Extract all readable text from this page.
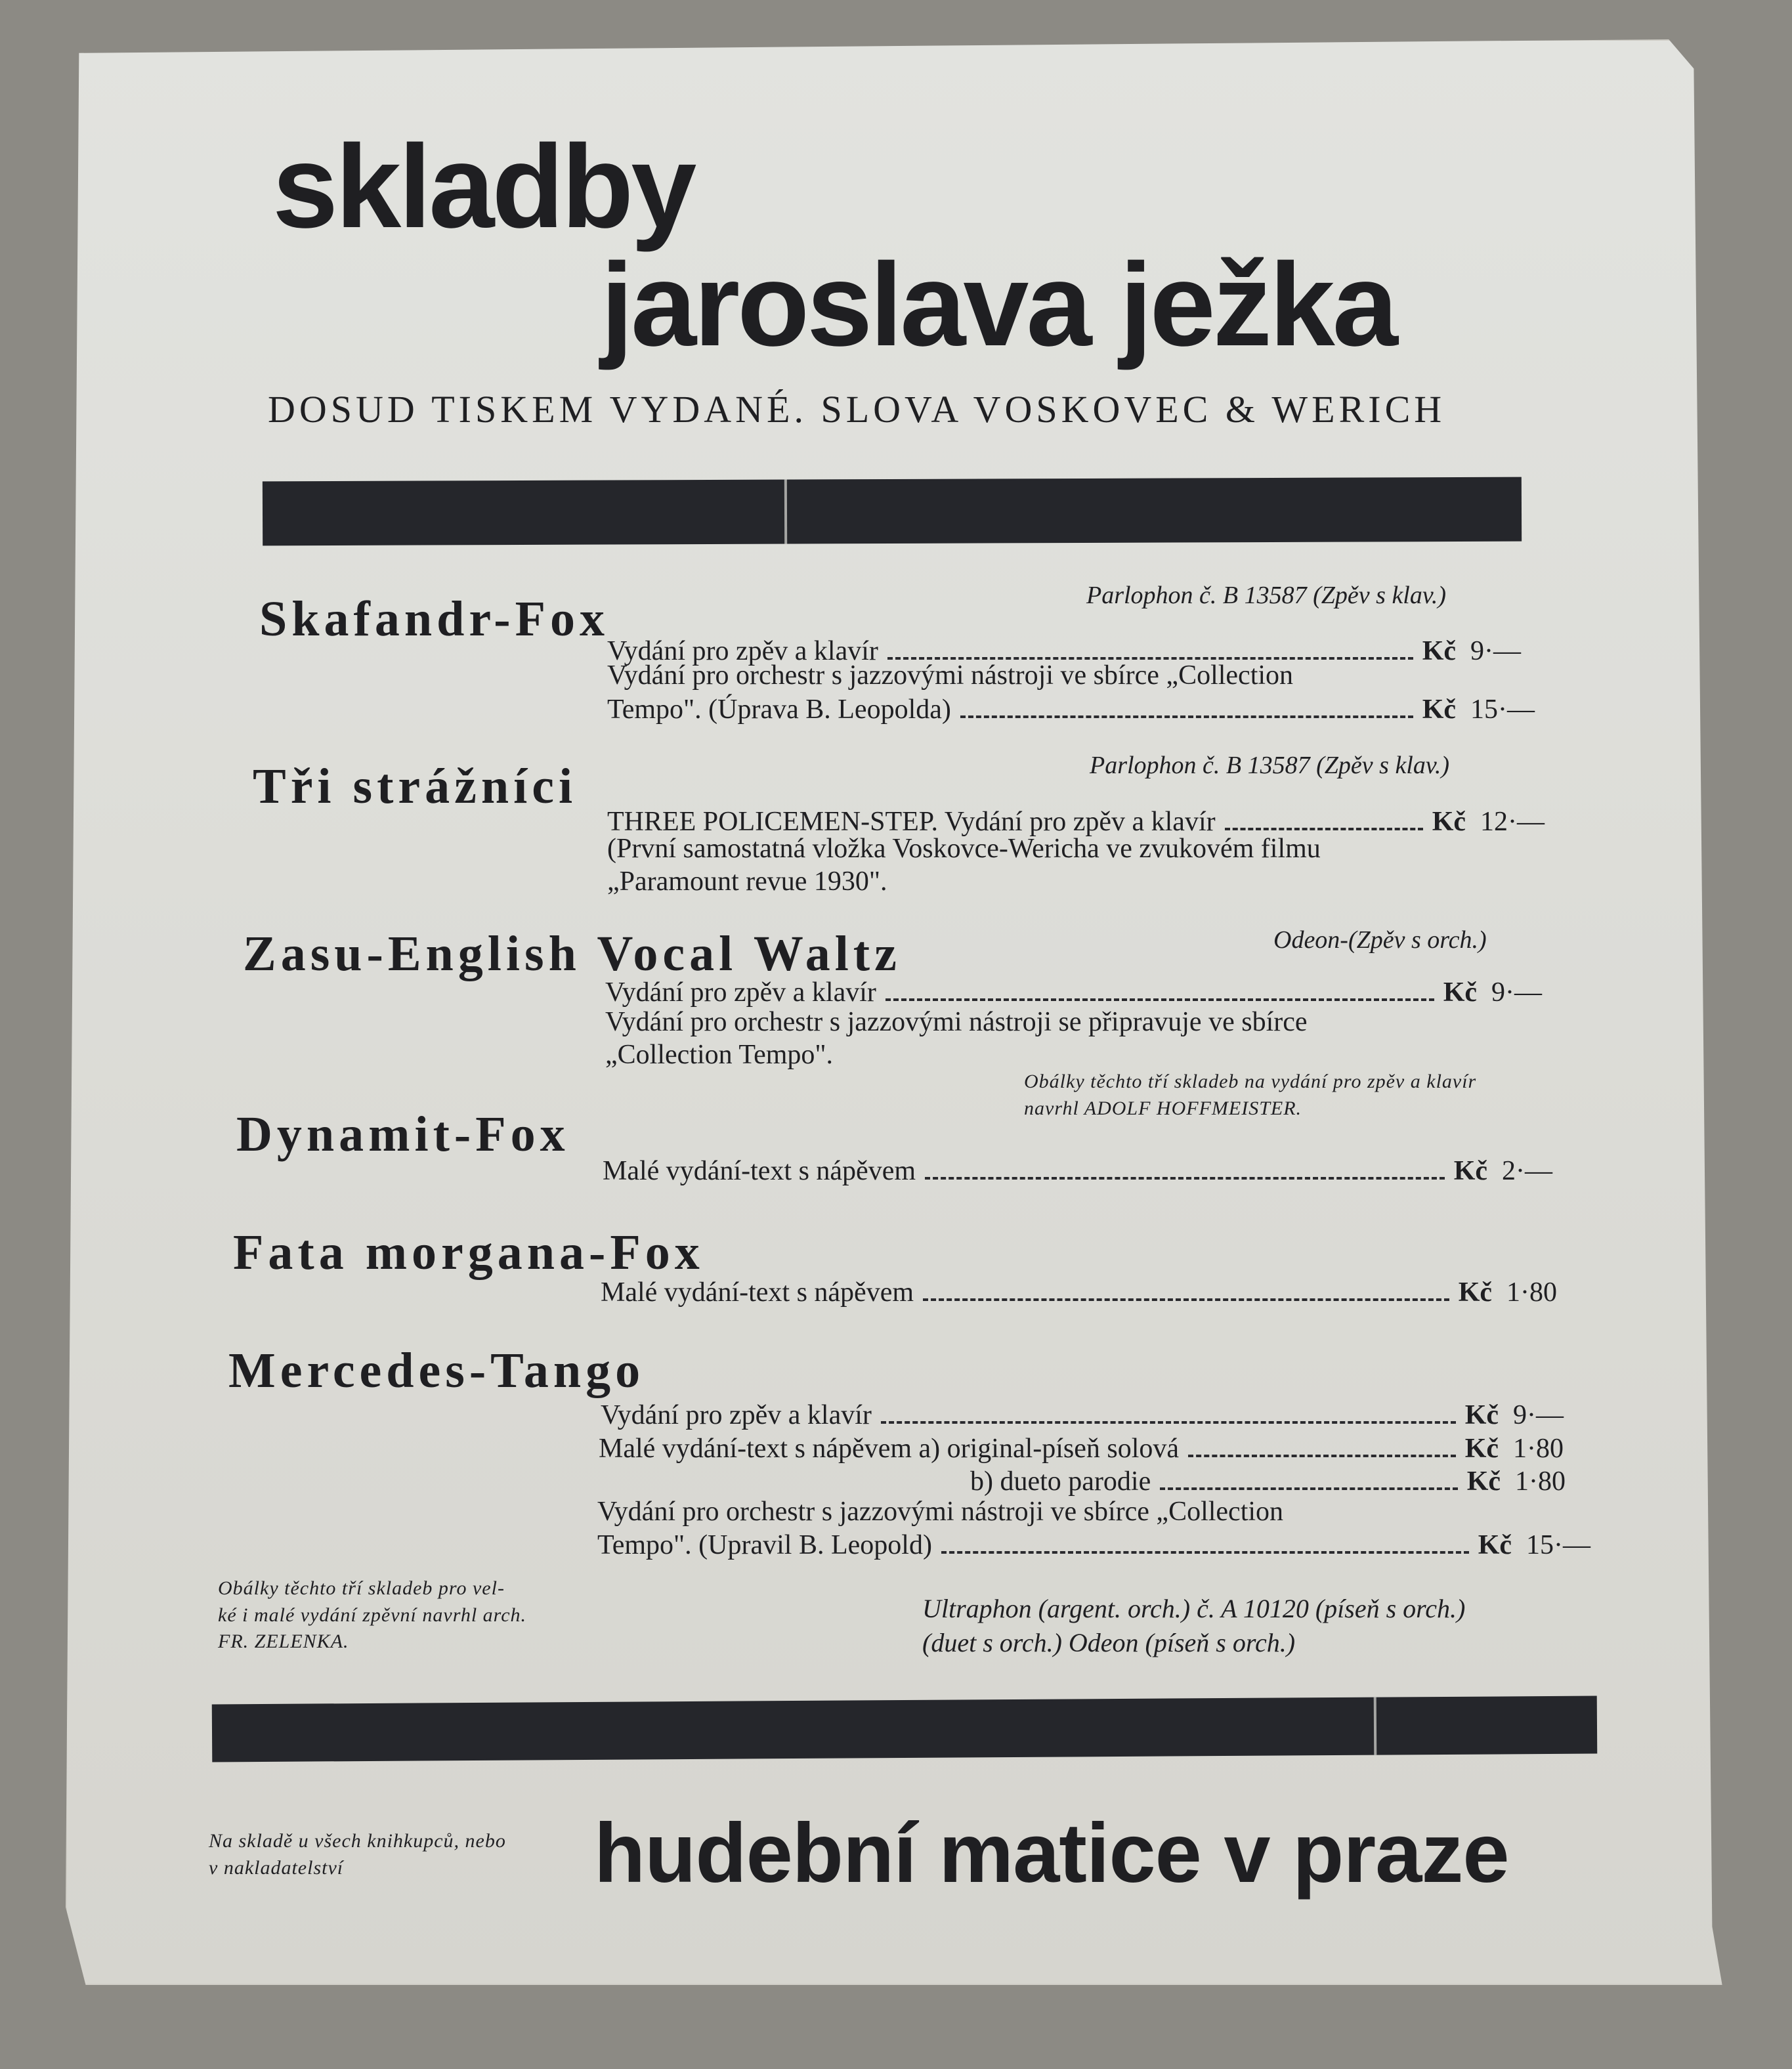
skladby
jaroslava ježka
DOSUD TISKEM VYDANÉ. SLOVA VOSKOVEC & WERICH
Skafandr-Fox	Parlophon č. B 13587 (Zpěv s klav.)
Vydání pro zpěv a klavír	Kč 9·—
Vydání pro orchestr s jazzovými nástroji ve sbírce „Collection
Tempo". (Úprava B. Leopolda)	Kč 15·—
Tři strážníci	Parlophon č. B 13587 (Zpěv s klav.)
THREE POLICEMEN-STEP. Vydání pro zpěv a klavír	Kč 12·—
(První samostatná vložka Voskovce-Wericha ve zvukovém filmu
„Paramount revue 1930".
Zasu-English Vocal Waltz	Odeon-(Zpěv s orch.)
Vydání pro zpěv a klavír	Kč 9·—
Vydání pro orchestr s jazzovými nástroji se připravuje ve sbírce
„Collection Tempo".
Obálky těchto tří skladeb na vydání pro zpěv a klavír
navrhl ADOLF HOFFMEISTER.
Dynamit-Fox
Malé vydání-text s nápěvem	Kč 2·—
Fata morgana-Fox
Malé vydání-text s nápěvem	Kč 1·80
Mercedes-Tango
Vydání pro zpěv a klavír	Kč 9·—
Malé vydání-text s nápěvem a) original-píseň solová	Kč 1·80
b) dueto parodie	Kč 1·80
Vydání pro orchestr s jazzovými nástroji ve sbírce „Collection
Tempo". (Upravil B. Leopold)	Kč 15·—
Obálky těchto tří skladeb pro vel-
ké i malé vydání zpěvní navrhl arch.
FR. ZELENKA.
Ultraphon (argent. orch.) č. A 10120 (píseň s orch.)
(duet s orch.) Odeon (píseň s orch.)
Na skladě u všech knihkupců, nebo
v nakladatelství	hudební matice v praze
